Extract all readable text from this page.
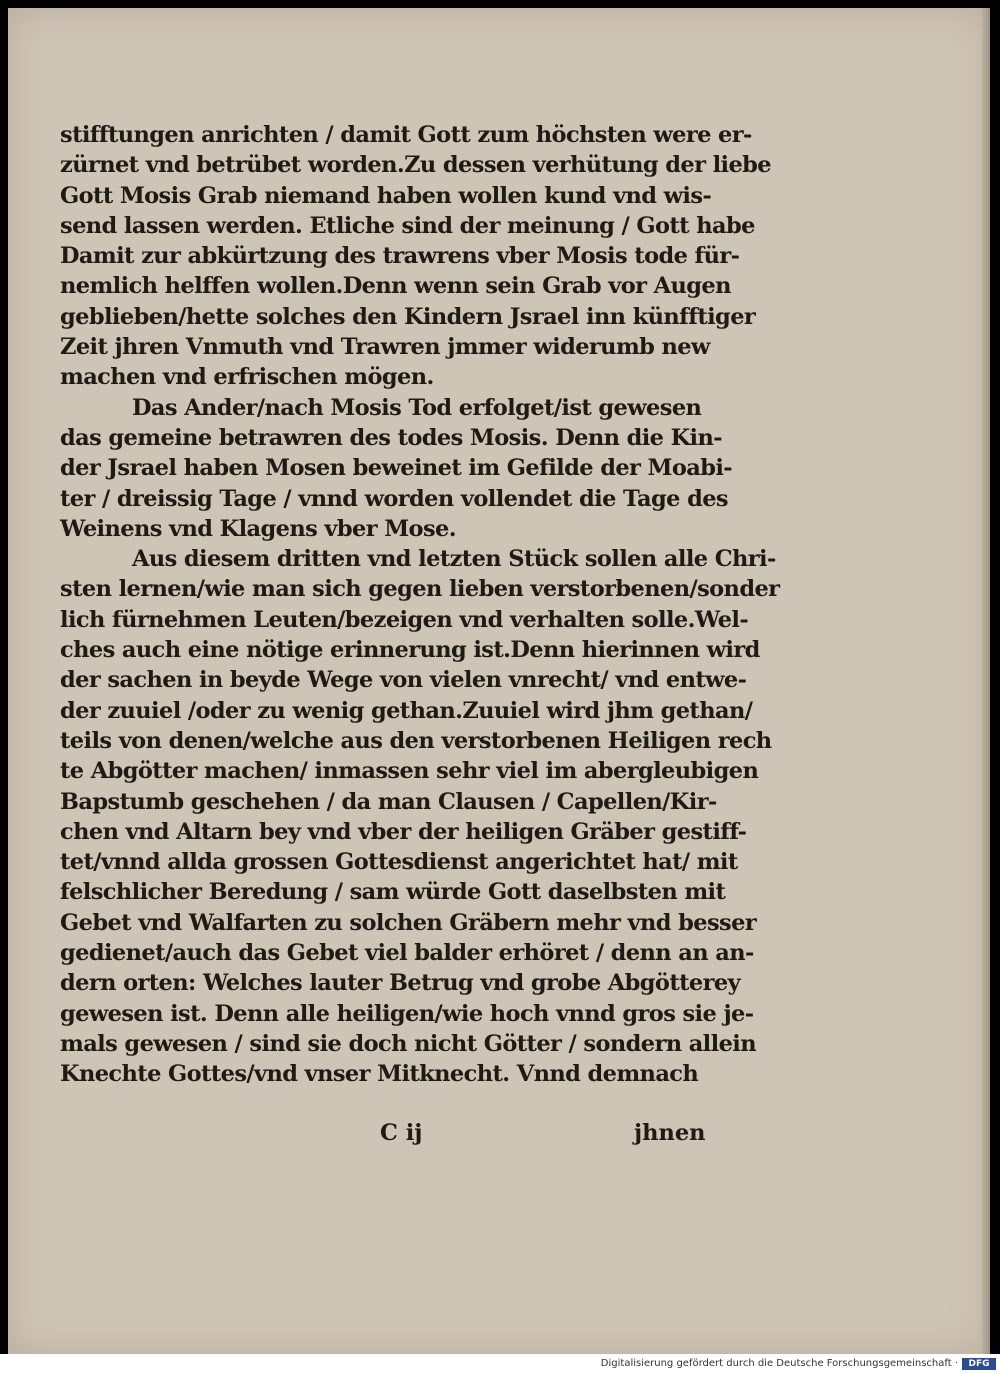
stifftungen anrichten / damit Gott zum höchsten were er-
zürnet vnd betrübet worden.Zu dessen verhütung der liebe
Gott Mosis Grab niemand haben wollen kund vnd wis-
send lassen werden. Etliche sind der meinung / Gott habe
Damit zur abkürtzung des trawrens vber Mosis tode für-
nemlich helffen wollen.Denn wenn sein Grab vor Augen
geblieben/hette solches den Kindern Jsrael inn künfftiger
Zeit jhren Vnmuth vnd Trawren jmmer widerumb new
machen vnd erfrischen mögen.
Das Ander/nach Mosis Tod erfolget/ist gewesen
das gemeine betrawren des todes Mosis. Denn die Kin-
der Jsrael haben Mosen beweinet im Gefilde der Moabi-
ter / dreissig Tage / vnnd worden vollendet die Tage des
Weinens vnd Klagens vber Mose.
Aus diesem dritten vnd letzten Stück sollen alle Chri-
sten lernen/wie man sich gegen lieben verstorbenen/sonder
lich fürnehmen Leuten/bezeigen vnd verhalten solle.Wel-
ches auch eine nötige erinnerung ist.Denn hierinnen wird
der sachen in beyde Wege von vielen vnrecht/ vnd entwe-
der zuuiel /oder zu wenig gethan.Zuuiel wird jhm gethan/
teils von denen/welche aus den verstorbenen Heiligen rech
te Abgötter machen/ inmassen sehr viel im abergleubigen
Bapstumb geschehen / da man Clausen / Capellen/Kir-
chen vnd Altarn bey vnd vber der heiligen Gräber gestiff-
tet/vnnd allda grossen Gottesdienst angerichtet hat/ mit
felschlicher Beredung / sam würde Gott daselbsten mit
Gebet vnd Walfarten zu solchen Gräbern mehr vnd besser
gedienet/auch das Gebet viel balder erhöret / denn an an-
dern orten: Welches lauter Betrug vnd grobe Abgötterey
gewesen ist. Denn alle heiligen/wie hoch vnnd gros sie je-
mals gewesen / sind sie doch nicht Götter / sondern allein
Knechte Gottes/vnd vnser Mitknecht. Vnnd demnach
C ij	jhnen
Digitalisierung gefördert durch die Deutsche Forschungsgemeinschaft ·	DFG
